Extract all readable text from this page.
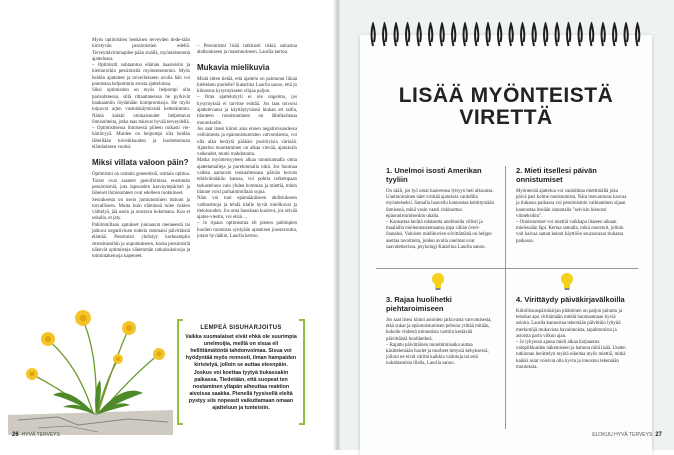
Myös optimistien henkinen terveyden tiede-tään kiristyvän pessimistien edellä. Terveyttävimmapilee pään sisällä, myönteisemmä ajattelussa.

– Optimistit suhtaantuu elämän haasteisiin ja kiemuroihin pessimistiä myönteisemmin. Myös heidän ajatteleet ja toiveilukseen avulla hän voi ponnistaa helpommin erosta ajatteluissa.

Siksi optimistien on myös helpompi olla parisuhteessa, sillä rittaattaneissa he pyrkivät hankaamiin löytämään kompromissja. He myös toipuvat arjen vastoinkäymisistä ketterämmin. Nämä kaikki ominaisuudet helpottavat ihmisuhteita, jotka taas tukevat hyvää terveydellä.

– Optimistisessa ihmisessä piileen ruikasti vie-häträvyyä. Muiden on helpompi olla heidän läheillään toiveikkuuden ja huolettomuan elämäniseen vuoksi.

Miksi villata valoon päin?

Optimismi on osittain geneettistä, osittain opittua. Toiset ovat saaneet geenifornissa enemmän pessimismiä, jota lapsuuden kasvuympäristö ja läheiset ihmissuhteet ovat edelleen ruokkineet.

Seuraksesta on usein jumiutuminen tuttuun ja turvalliseen. Muita kuin elämässä tulee riskien välttelyä, jää usein ja avartava kokemana. Kun et uskalla, et jaty.

Pahimmillaan ajatukset junnaavat menneestä tai jatkuva negatiivinen todella rammaisi päivittäistä elämää. Pessimisti yhdistyy korkeampiin stressitasoihin ja uupumukseen, koska pessimistiä näkevät optimisteja vähemmän ratkaisukeinoja ja toimintakeinoja kapeneet.

– Pessimismi lisää tutkitusti riskiä sairastua ahdistukseen ja masennukseen, Laurila kertoo.

Mukavia mielikuvia

Mistä sitten tietää, että ajattelu on paimunut liikaä kielteisen puolelle? Katariina Laurila sanoo, että jo kiinostus kysymykseen vihjaa paljon.

– Oma ajattelutyyli ei ole ongelma, jos kysymyksiä ei tarvitse esittää. Jos taas toivoisi ajattelevansa ja käyttäytyvänsä hiukan eri tailla, tilanteen tunnistaminen on lähtökohtana muutokselle.

Jos saat itsesi kiinni aina ennen negatiivisuudessa velloimesta ja epäonnistumisten vatvomisesta, voi olla aika heräytä päähäsi positiivisia värinää. Ajatelun muuttaminen on alkaa vievää, ajatuksiin vaikeudet, mutei mahdotonta.

Matka myönteisyyteen alkaa tunnistamalla omia ajattetamalleja ja purekmmalla niitä. Jos huomaa vaikka aamuisin toukaaltessasa päivän tuovan tehtävämäärän kanssa, voi pohtia tarkempaan tarkasteluun vain yhden homman ja miettiä, miten tilanne voisi parhaimmillaan sujua.

Näin voi tuoi epämääräiseen ahdistukseen vaihtoehtoja ja tehdä tilalle hyvät mielikuvat ja tietoisuuden. Jos oma hanskaan kuuleva, jos selvää ajatus-viestin, voi etsiä ...

– Jo ripauo optimismia eli pienen pahimpien huolien tuonnista syntyään ajatuksen joustavuutta, jotain hyvääkin, Laurila kertoo.

LEMPEÄ SISUHARJOITUS
Vaikka suomalaiset eivät ehkä ole suurimpia unelmoijia, meillä on sisua eli hellittämätöntä tahdonvoimaa. Sisua voi hyödyntää myös rennosti, ilman hampaiden kiristelyä, jolloin se auttaa eteenpäin. Joskus voi koettaa tyytyä tiukassakin paikassa. Tiedetään, että suopeat ten nostaminen yllapän aiheuttaa reaktion aivoissa saakka. Pienellä fyysisellä eleltä pystyy siis nopeasti vaikuttamaan omaan ajatteluun ja tunteisiin.
26 HYVÄ TERVEYS
LISÄÄ MYÖNTEISTÄ
VIRETTÄ
1. Unelmoi isosti Amerikan tyyliin

On sääli, jos lyö omat haaveensa lyttyyn heti alkuunsa. Unelmoiminen näet virittää ajatuksia vauhdilla myönteiseksi. Samalla haaveilu kannustaa kehittymään ihmisenä, mikä vasin vaatii riskinottoa epäonnistumisenkin uhalla.
– Kannattaa kerätä rohkeutta unelmoida villisti ja maalailla mielenmaisemaansa jopa vähän överi-ihanaksi. Valoisen mielikuvien siivittämänä on helppo asettaa tavoitteita, joiden avulla unelmat ovat saavutettavissa, psykologi Katariina Laurila sanoo.

2. Mieti itsellesi päivän onnistumiset

Myönteisiä ajattelua voi vauhdittaa miettimällä joka päivä pari kolme onnistumista. Näin itsevarmuus kasvaa ja tiukassa paikassa voi pessimismin vaihtaminen sijaan kannustaa itseään sanomalla "selvisin hienosti viimeksikin".
– Onnistumiset voi miettiä vaikkapa iltateen aikaan mielessään läpi. Kertaa samalla, mikä onnistuit, jolloin voit kaivaa samat keinot käyttöön seuraavassa tiukassa paikassa.

3. Rajaa huolihetki piehtaroimiseen

Jos saat itsesi kiinni asioiden jatkuvasta vatvomisesta, etkä sukat ja epäonnistumisen pelossa yrittää mitään, kokeile viidestä minuutista varttiin kestävää päivittäistä huolihetkeä.
– Rajattu päivittäinen murehtimisaika auttaa käsittelemään huolet ja murheet tietyssä kehyksessä, jolloin ne eivät värittä kaikkia valintoja tai estä nukahtamista illalla, Laurila sanoo.

4. Virittäydy päiväkirjavälkoilla

Kiitollisuuspäiväkirjan pitäminen on paljon puhuttu ja tehokas apu virittämään mieltä huomaamaan hyviä asioita. Laurila kannustaa tekemään päivittäin lyhyitä merkintöjä mukavista havainnoista, tapahtumista ja asioista parin viikon ajan.
– Jo lyhyessä ajassa mieli alkaa harjaantua valopilkkuiden näkemiseen ja hamuta niitä lisää. Uuden tutkinnan herättelyn myötä oikeitaa myös miettiä, mitkä kaikki asiat voisivat olla hyvin ja innostuu tekemään muutoksia.

ELOKUU HYVÄ TERVEYS 27
